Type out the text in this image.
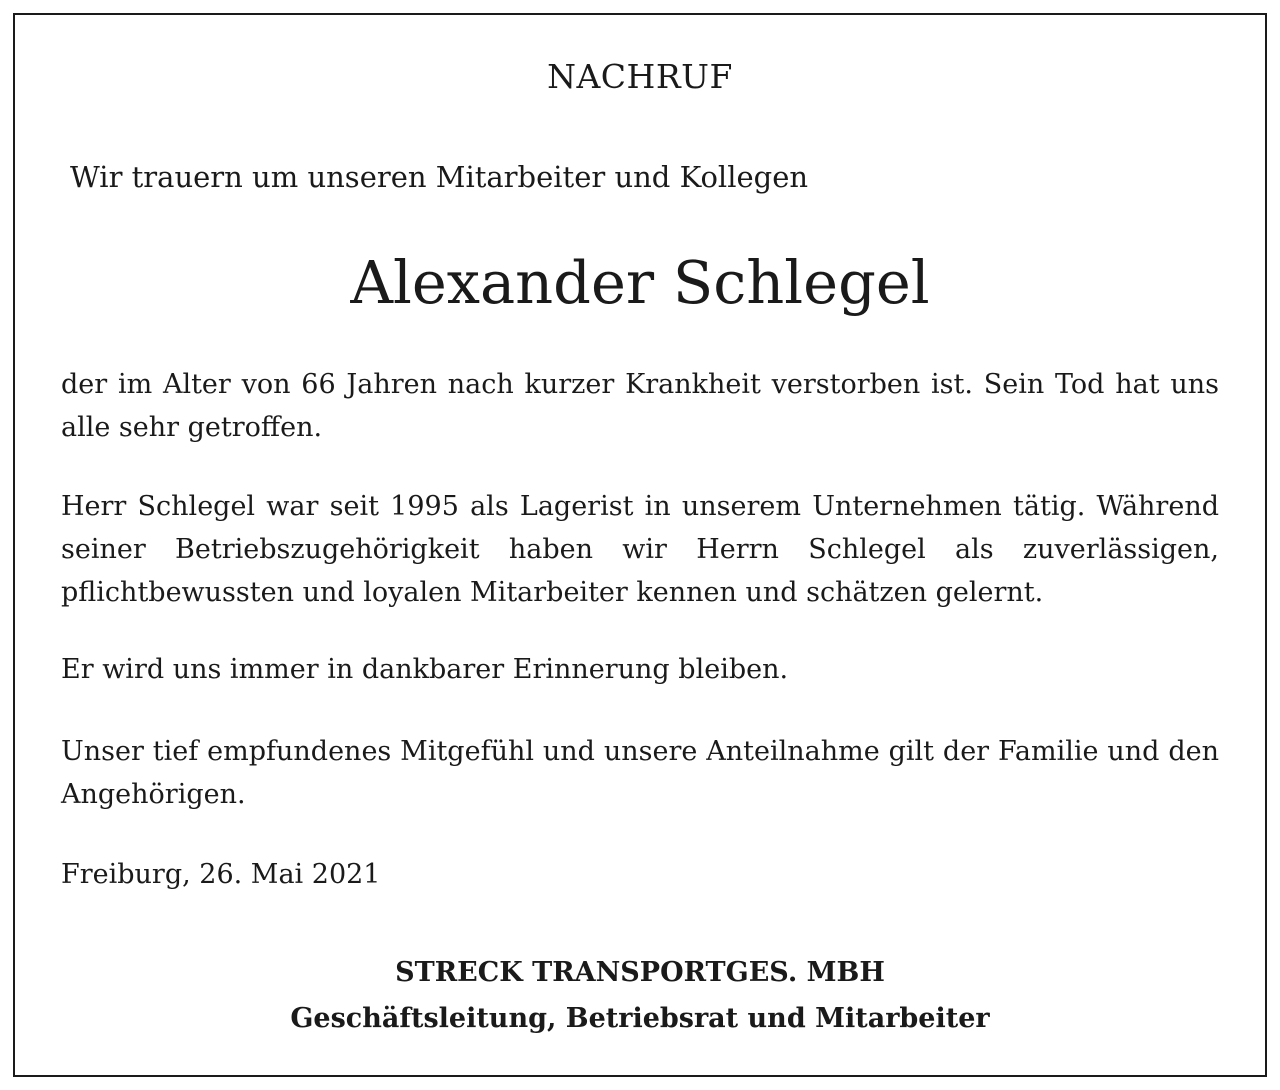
NACHRUF

Wir trauern um unseren Mitarbeiter und Kollegen

Alexander Schlegel

der im Alter von 66 Jahren nach kurzer Krankheit verstorben ist. Sein Tod hat uns alle sehr getroffen.

Herr Schlegel war seit 1995 als Lagerist in unserem Unternehmen tätig. Während seiner Betriebszugehörigkeit haben wir Herrn Schlegel als zuverlässigen, pflichtbewussten und loyalen Mitarbeiter kennen und schätzen gelernt.

Er wird uns immer in dankbarer Erinnerung bleiben.

Unser tief empfundenes Mitgefühl und unsere Anteilnahme gilt der Familie und den Angehörigen.

Freiburg, 26. Mai 2021

STRECK TRANSPORTGES. MBH
Geschäftsleitung, Betriebsrat und Mitarbeiter
